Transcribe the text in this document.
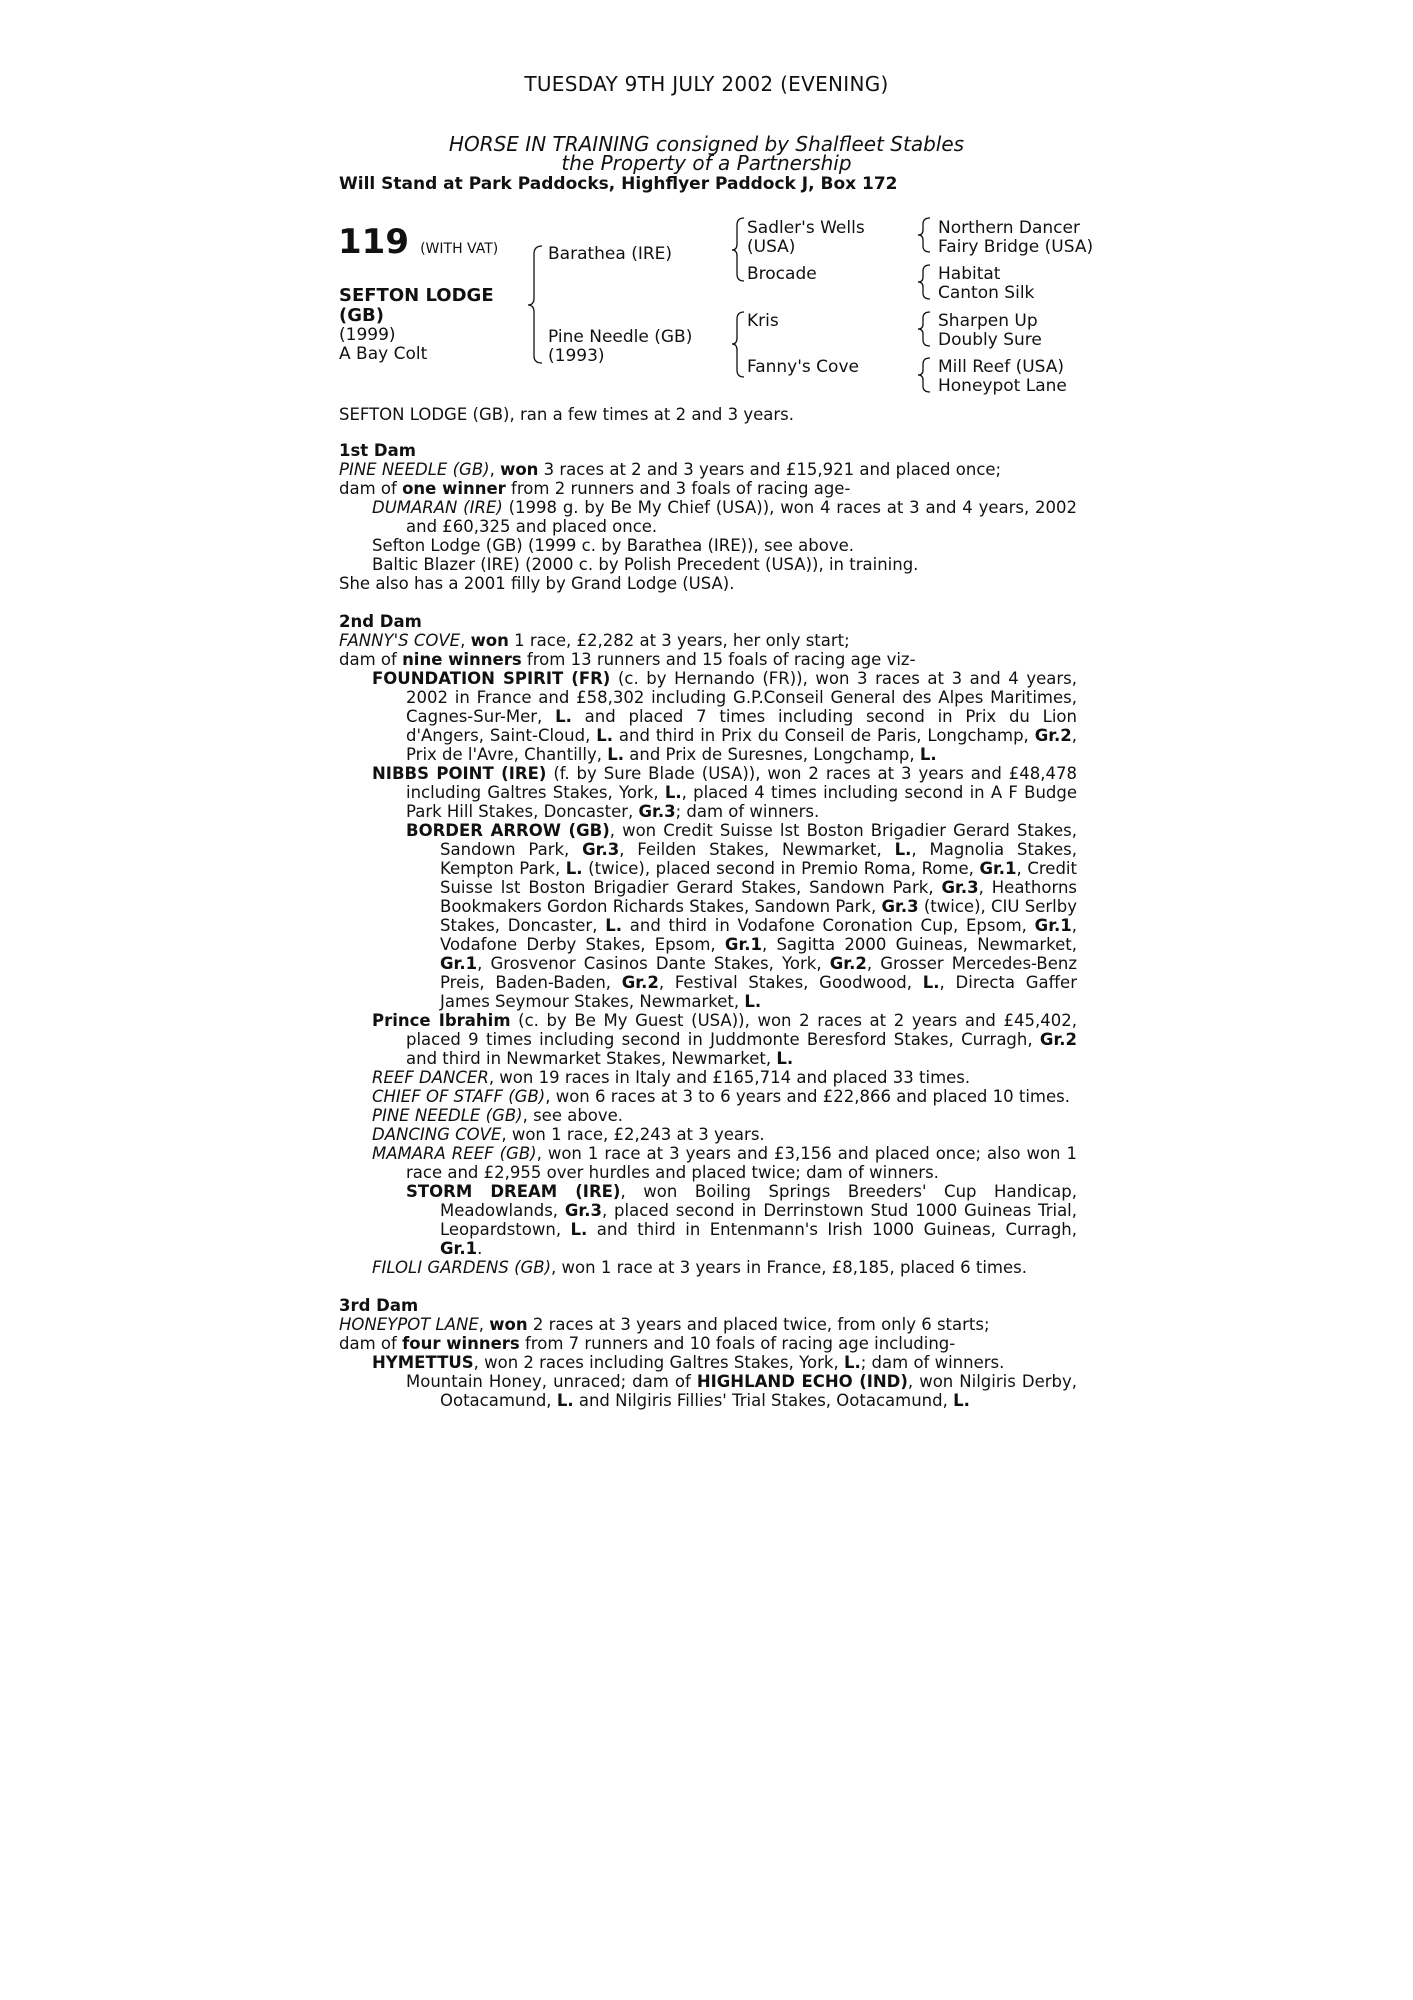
TUESDAY 9TH JULY 2002 (EVENING)
HORSE IN TRAINING consigned by Shalfleet Stables
the Property of a Partnership
Will Stand at Park Paddocks, Highflyer Paddock J, Box 172
119 (WITH VAT)
SEFTON LODGE
(GB)
(1999)
A Bay Colt
Barathea (IRE)
Pine Needle (GB)
(1993)
Sadler's Wells
(USA)
Brocade
Kris
Fanny's Cove
Northern Dancer
Fairy Bridge (USA)
Habitat
Canton Silk
Sharpen Up
Doubly Sure
Mill Reef (USA)
Honeypot Lane
SEFTON LODGE (GB), ran a few times at 2 and 3 years.

1st Dam

PINE NEEDLE (GB), won 3 races at 2 and 3 years and £15,921 and placed once;

dam of one winner from 2 runners and 3 foals of racing age-

DUMARAN (IRE) (1998 g. by Be My Chief (USA)), won 4 races at 3 and 4 years, 2002 and £60,325 and placed once.

Sefton Lodge (GB) (1999 c. by Barathea (IRE)), see above.

Baltic Blazer (IRE) (2000 c. by Polish Precedent (USA)), in training.

She also has a 2001 filly by Grand Lodge (USA).

2nd Dam

FANNY'S COVE, won 1 race, £2,282 at 3 years, her only start;

dam of nine winners from 13 runners and 15 foals of racing age viz-

FOUNDATION SPIRIT (FR) (c. by Hernando (FR)), won 3 races at 3 and 4 years, 2002 in France and £58,302 including G.P.Conseil General des Alpes Maritimes, Cagnes-Sur-Mer, L. and placed 7 times including second in Prix du Lion d'Angers, Saint-Cloud, L. and third in Prix du Conseil de Paris, Longchamp, Gr.2, Prix de l'Avre, Chantilly, L. and Prix de Suresnes, Longchamp, L.

NIBBS POINT (IRE) (f. by Sure Blade (USA)), won 2 races at 3 years and £48,478 including Galtres Stakes, York, L., placed 4 times including second in A F Budge Park Hill Stakes, Doncaster, Gr.3; dam of winners.

BORDER ARROW (GB), won Credit Suisse lst Boston Brigadier Gerard Stakes, Sandown Park, Gr.3, Feilden Stakes, Newmarket, L., Magnolia Stakes, Kempton Park, L. (twice), placed second in Premio Roma, Rome, Gr.1, Credit Suisse lst Boston Brigadier Gerard Stakes, Sandown Park, Gr.3, Heathorns Bookmakers Gordon Richards Stakes, Sandown Park, Gr.3 (twice), CIU Serlby Stakes, Doncaster, L. and third in Vodafone Coronation Cup, Epsom, Gr.1, Vodafone Derby Stakes, Epsom, Gr.1, Sagitta 2000 Guineas, Newmarket, Gr.1, Grosvenor Casinos Dante Stakes, York, Gr.2, Grosser Mercedes-Benz Preis, Baden-Baden, Gr.2, Festival Stakes, Goodwood, L., Directa Gaffer James Seymour Stakes, Newmarket, L.

Prince Ibrahim (c. by Be My Guest (USA)), won 2 races at 2 years and £45,402, placed 9 times including second in Juddmonte Beresford Stakes, Curragh, Gr.2 and third in Newmarket Stakes, Newmarket, L.

REEF DANCER, won 19 races in Italy and £165,714 and placed 33 times.

CHIEF OF STAFF (GB), won 6 races at 3 to 6 years and £22,866 and placed 10 times.

PINE NEEDLE (GB), see above.

DANCING COVE, won 1 race, £2,243 at 3 years.

MAMARA REEF (GB), won 1 race at 3 years and £3,156 and placed once; also won 1 race and £2,955 over hurdles and placed twice; dam of winners.

STORM DREAM (IRE), won Boiling Springs Breeders' Cup Handicap, Meadowlands, Gr.3, placed second in Derrinstown Stud 1000 Guineas Trial, Leopardstown, L. and third in Entenmann's Irish 1000 Guineas, Curragh, Gr.1.

FILOLI GARDENS (GB), won 1 race at 3 years in France, £8,185, placed 6 times.

3rd Dam

HONEYPOT LANE, won 2 races at 3 years and placed twice, from only 6 starts;

dam of four winners from 7 runners and 10 foals of racing age including-

HYMETTUS, won 2 races including Galtres Stakes, York, L.; dam of winners.

Mountain Honey, unraced; dam of HIGHLAND ECHO (IND), won Nilgiris Derby, Ootacamund, L. and Nilgiris Fillies' Trial Stakes, Ootacamund, L.
